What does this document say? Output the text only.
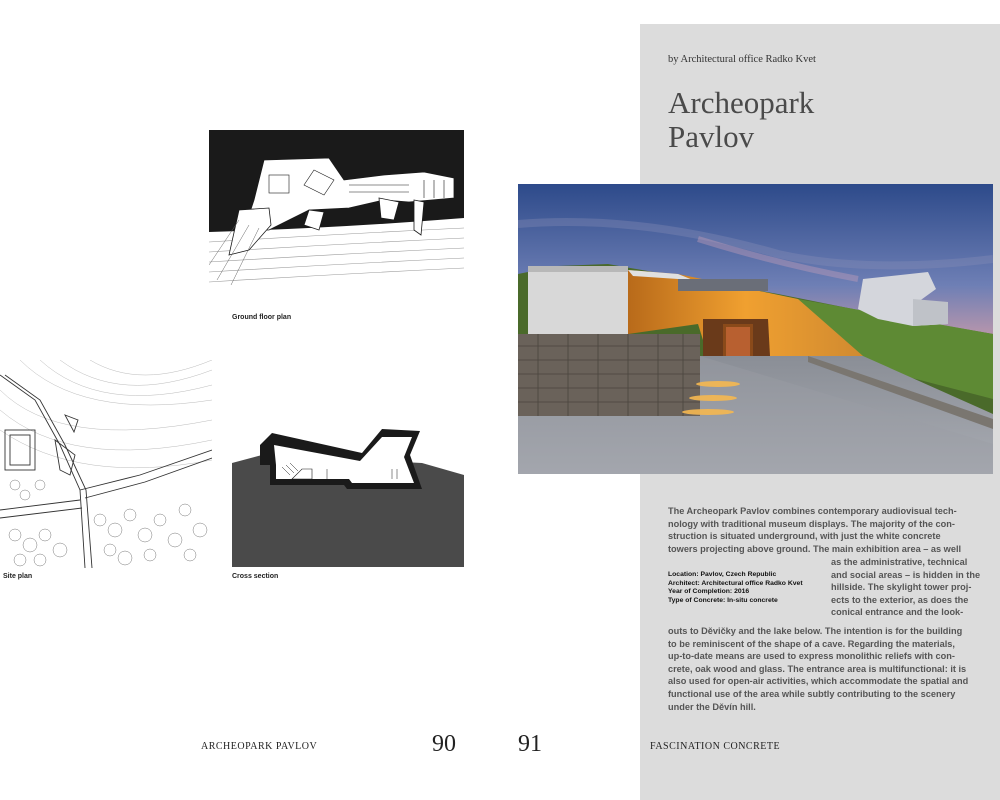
Ground floor plan
Site plan	Cross section
ARCHEOPARK PAVLOV	90
by Architectural office Radko Kvet
Archeopark
Pavlov
The Archeopark Pavlov combines contemporary audiovisual tech-
nology with traditional museum displays. The majority of the con-
struction is situated underground, with just the white concrete
towers projecting above ground. The main exhibition area – as well
as the administrative, technical
and social areas – is hidden in the
hillside. The skylight tower proj-
ects to the exterior, as does the
conical entrance and the look-
Location: Pavlov, Czech Republic
Architect: Architectural office Radko Kvet
Year of Completion: 2016
Type of Concrete: In-situ concrete
outs to Děvičky and the lake below. The intention is for the building
to be reminiscent of the shape of a cave. Regarding the materials,
up-to-date means are used to express monolithic reliefs with con-
crete, oak wood and glass. The entrance area is multifunctional: it is
also used for open-air activities, which accommodate the spatial and
functional use of the area while subtly contributing to the scenery
under the Děvín hill.
91	FASCINATION CONCRETE
